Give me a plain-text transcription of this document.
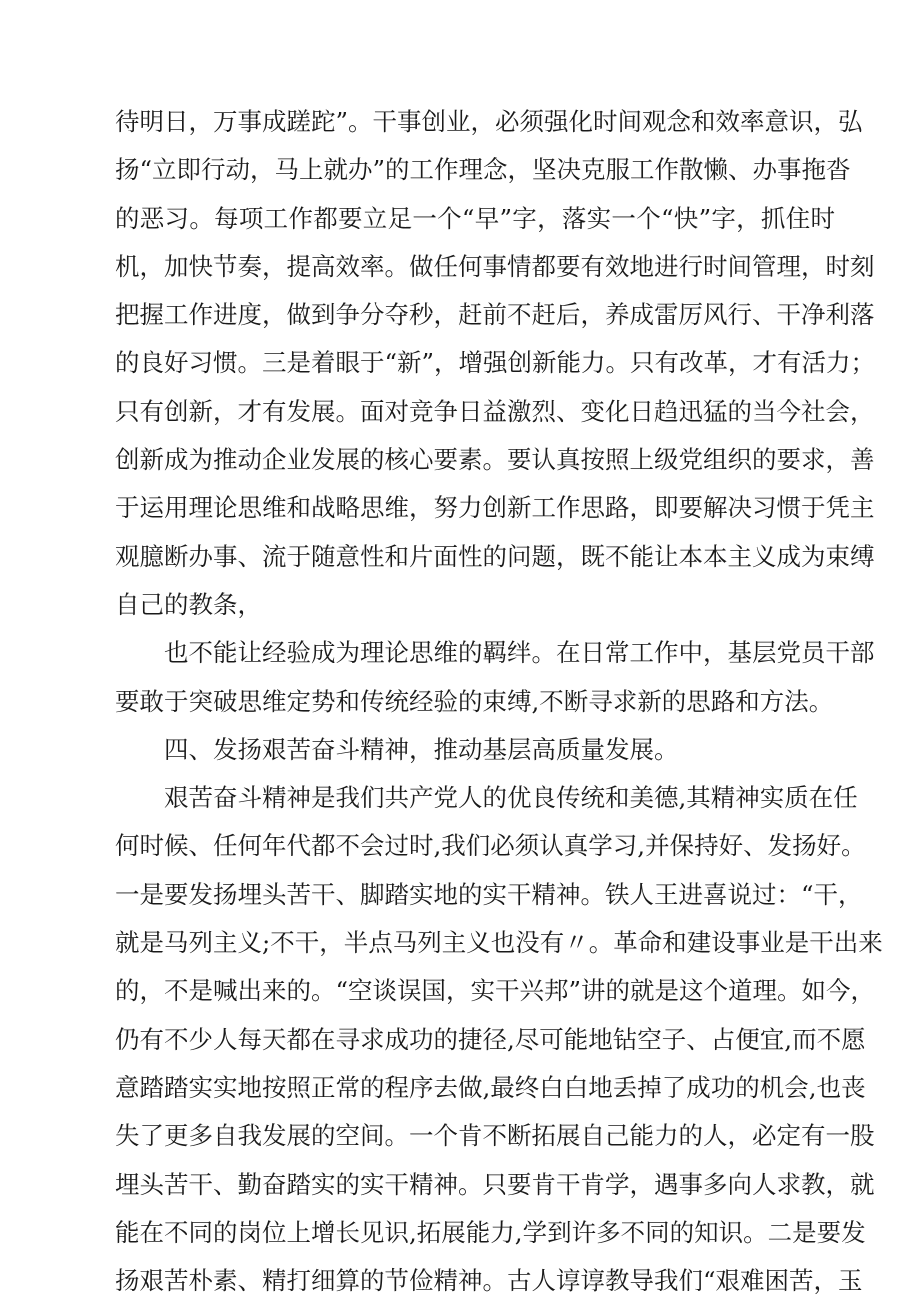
待明日，万事成蹉跎”。干事创业，必须强化时间观念和效率意识，弘
扬“立即行动，马上就办”的工作理念，坚决克服工作散懒、办事拖沓
的恶习。每项工作都要立足一个“早”字，落实一个“快”字，抓住时
机，加快节奏，提高效率。做任何事情都要有效地进行时间管理，时刻
把握工作进度，做到争分夺秒，赶前不赶后，养成雷厉风行、干净利落
的良好习惯。三是着眼于“新”，增强创新能力。只有改革，才有活力；
只有创新，才有发展。面对竞争日益激烈、变化日趋迅猛的当今社会，
创新成为推动企业发展的核心要素。要认真按照上级党组织的要求，善
于运用理论思维和战略思维，努力创新工作思路，即要解决习惯于凭主
观臆断办事、流于随意性和片面性的问题，既不能让本本主义成为束缚
自己的教条，
也不能让经验成为理论思维的羁绊。在日常工作中，基层党员干部
要敢于突破思维定势和传统经验的束缚,不断寻求新的思路和方法。
四、发扬艰苦奋斗精神，推动基层高质量发展。
艰苦奋斗精神是我们共产党人的优良传统和美德,其精神实质在任
何时候、任何年代都不会过时,我们必须认真学习,并保持好、发扬好。
一是要发扬埋头苦干、脚踏实地的实干精神。铁人王进喜说过：“干，
就是马列主义;不干，半点马列主义也没有〃。革命和建设事业是干出来
的，不是喊出来的。“空谈误国，实干兴邦”讲的就是这个道理。如今，
仍有不少人每天都在寻求成功的捷径,尽可能地钻空子、占便宜,而不愿
意踏踏实实地按照正常的程序去做,最终白白地丢掉了成功的机会,也丧
失了更多自我发展的空间。一个肯不断拓展自己能力的人，必定有一股
埋头苦干、勤奋踏实的实干精神。只要肯干肯学，遇事多向人求教，就
能在不同的岗位上增长见识,拓展能力,学到许多不同的知识。二是要发
扬艰苦朴素、精打细算的节俭精神。古人谆谆教导我们“艰难困苦，玉
